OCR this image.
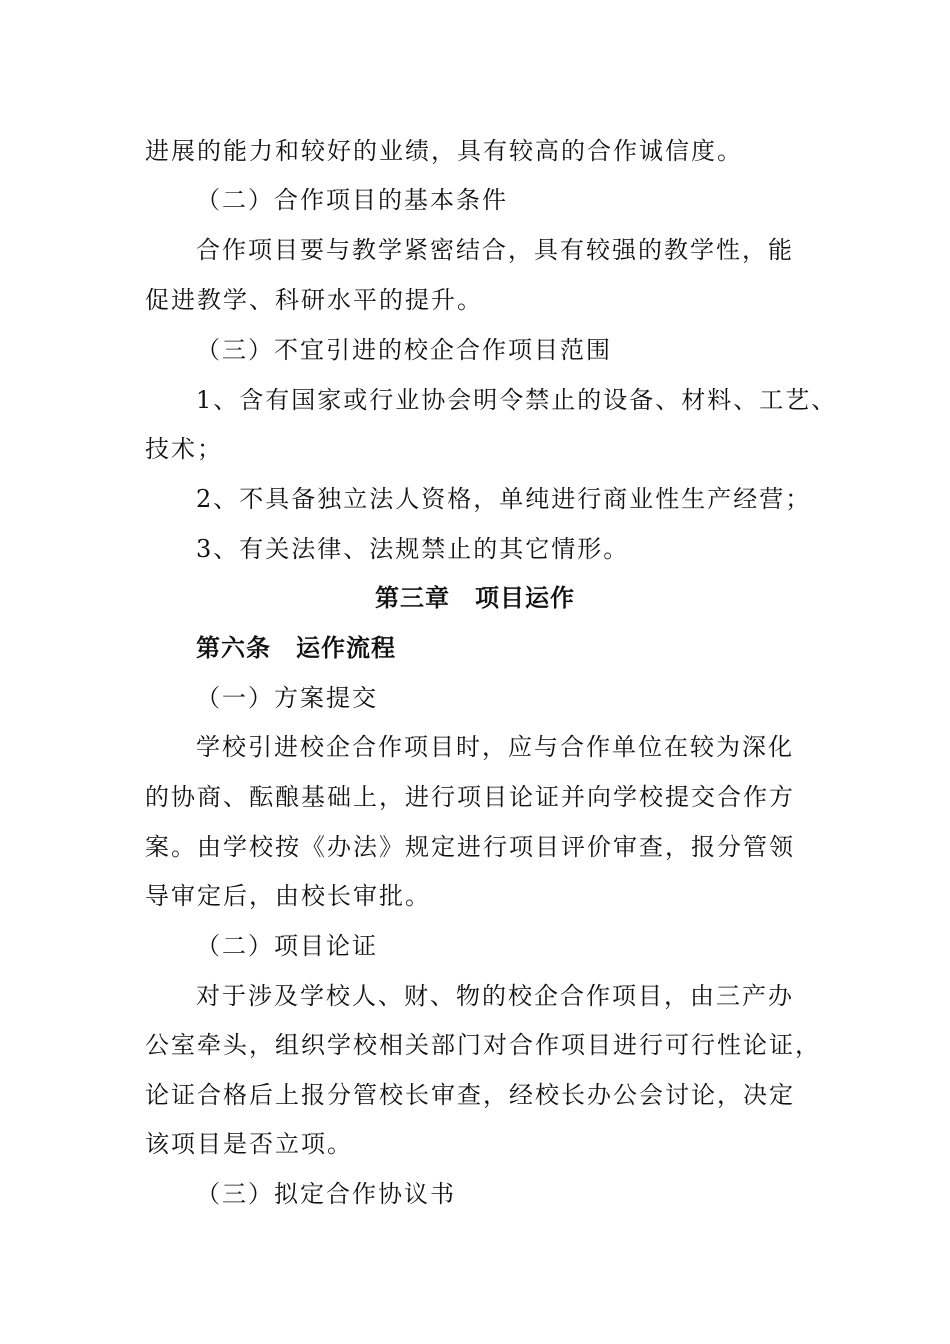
进展的能力和较好的业绩，具有较高的合作诚信度。
（二）合作项目的基本条件
合作项目要与教学紧密结合，具有较强的教学性，能
促进教学、科研水平的提升。
（三）不宜引进的校企合作项目范围
1、含有国家或行业协会明令禁止的设备、材料、工艺、
技术；
2、不具备独立法人资格，单纯进行商业性生产经营；
3、有关法律、法规禁止的其它情形。
第三章　项目运作
第六条　运作流程
（一）方案提交
学校引进校企合作项目时，应与合作单位在较为深化
的协商、酝酿基础上，进行项目论证并向学校提交合作方
案。由学校按《办法》规定进行项目评价审查，报分管领
导审定后，由校长审批。
（二）项目论证
对于涉及学校人、财、物的校企合作项目，由三产办
公室牵头，组织学校相关部门对合作项目进行可行性论证，
论证合格后上报分管校长审查，经校长办公会讨论，决定
该项目是否立项。
（三）拟定合作协议书
